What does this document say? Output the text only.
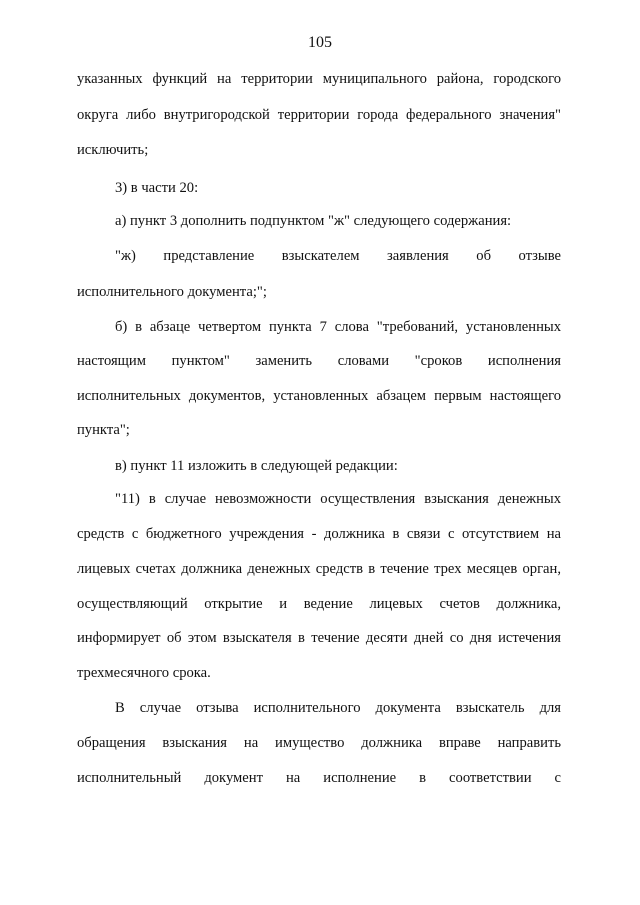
105
указанных функций на территории муниципального района, городского
округа либо внутригородской территории города федерального значения"
исключить;
3) в части 20:
а) пункт 3 дополнить подпунктом "ж" следующего содержания:
"ж) представление взыскателем заявления об отзыве
исполнительного документа;";
б) в абзаце четвертом пункта 7 слова "требований, установленных
настоящим пунктом" заменить словами "сроков исполнения
исполнительных документов, установленных абзацем первым настоящего
пункта";
в) пункт 11 изложить в следующей редакции:
"11) в случае невозможности осуществления взыскания денежных
средств с бюджетного учреждения - должника в связи с отсутствием на
лицевых счетах должника денежных средств в течение трех месяцев орган,
осуществляющий открытие и ведение лицевых счетов должника,
информирует об этом взыскателя в течение десяти дней со дня истечения
трехмесячного срока.
В случае отзыва исполнительного документа взыскатель для
обращения взыскания на имущество должника вправе направить
исполнительный документ на исполнение в соответствии с
